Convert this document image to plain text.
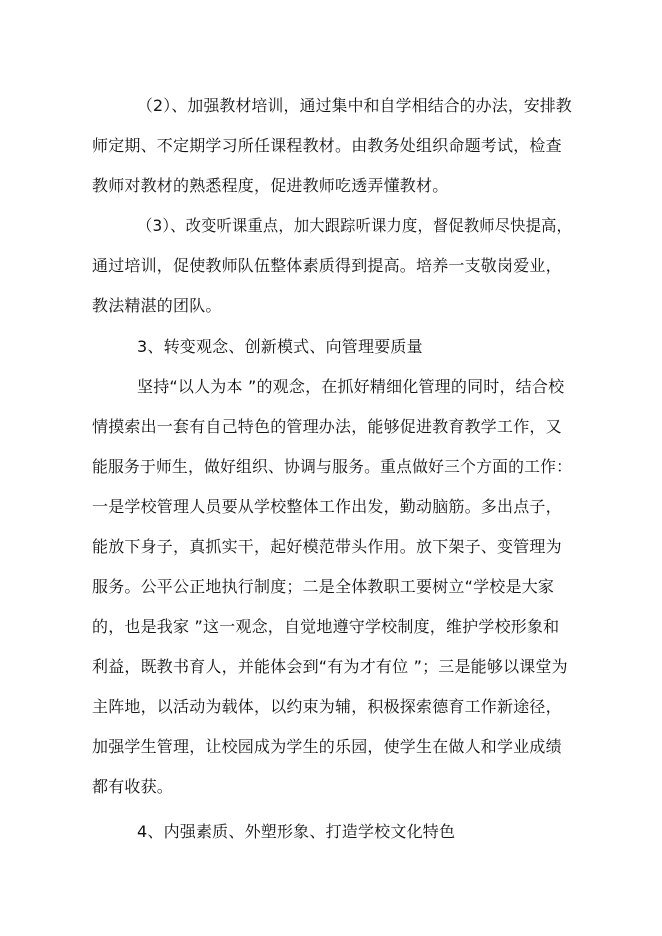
（2）、加强教材培训，通过集中和自学相结合的办法，安排教
师定期、不定期学习所任课程教材。由教务处组织命题考试，检查
教师对教材的熟悉程度，促进教师吃透弄懂教材。
（3）、改变听课重点，加大跟踪听课力度，督促教师尽快提高，
通过培训，促使教师队伍整体素质得到提高。培养一支敬岗爱业，
教法精湛的团队。
3、转变观念、创新模式、向管理要质量
坚持“以人为本 ”的观念，在抓好精细化管理的同时，结合校
情摸索出一套有自己特色的管理办法，能够促进教育教学工作，又
能服务于师生，做好组织、协调与服务。重点做好三个方面的工作：
一是学校管理人员要从学校整体工作出发，勤动脑筋。多出点子，
能放下身子，真抓实干，起好模范带头作用。放下架子、变管理为
服务。公平公正地执行制度；二是全体教职工要树立“学校是大家
的，也是我家 ”这一观念，自觉地遵守学校制度，维护学校形象和
利益，既教书育人，并能体会到“有为才有位 ”；三是能够以课堂为
主阵地，以活动为载体，以约束为辅，积极探索德育工作新途径，
加强学生管理，让校园成为学生的乐园，使学生在做人和学业成绩
都有收获。
4、内强素质、外塑形象、打造学校文化特色
